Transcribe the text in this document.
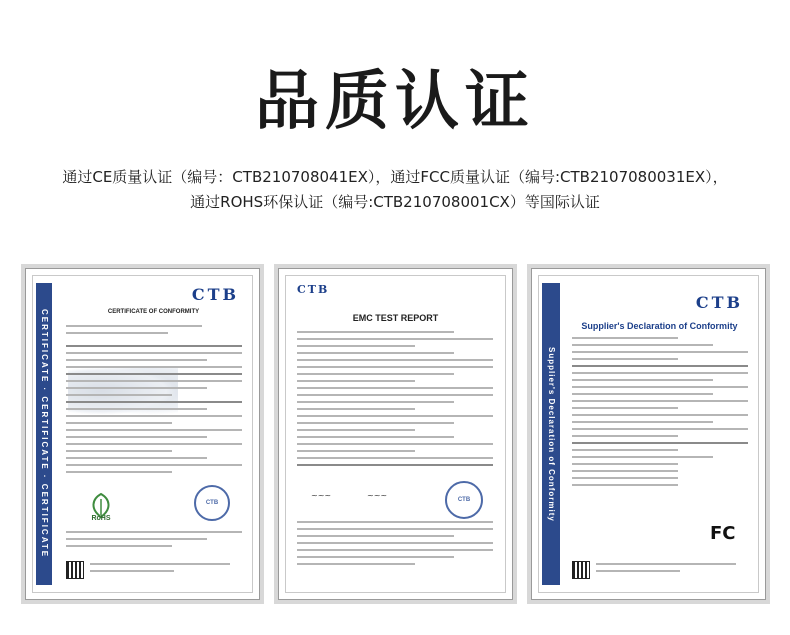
品质认证
通过CE质量认证（编号：CTB210708041EX），通过FCC质量认证（编号:CTB2107080031EX），
通过ROHS环保认证（编号:CTB210708001CX）等国际认证
CERTIFICATE · CERTIFICATE · CERTIFICATE
CTB
CERTIFICATE OF CONFORMITY
RoHS
CTB
CTB
EMC TEST REPORT
~~~	~~~	CTB	Supplier's Declaration of Conformity
CTB
Supplier's Declaration of Conformity
FC
